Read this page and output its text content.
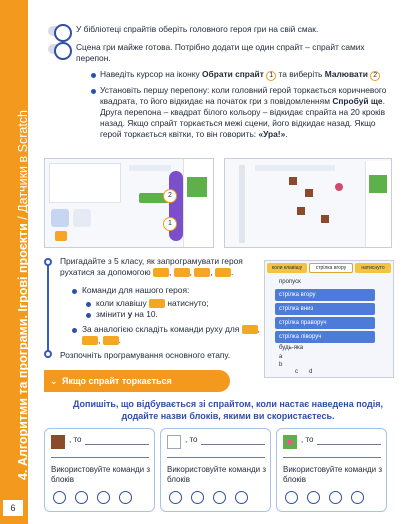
4. Алгоритми та програми. Ігрові проєкти / Датчики в Scratch
6
У бібліотеці спрайтів оберіть головного героя гри на свій смак.
Сцена гри майже готова. Потрібно додати ще один спрайт – спрайт самих перепон.
Наведіть курсор на іконку Обрати спрайт 1 та виберіть Малювати 2
Установіть першу перепону: коли головний герой торкається коричневого квадрата, то його відкидає на початок гри з повідомленням Спробуй ще. Друга перепона – квадрат білого кольору – відкидає спрайта на 20 кроків назад. Якщо спрайт торкається межі сцени, його відкидає назад. Якщо герой торкається квітки, то він говорить: «Ура!».
2
1
Пригадайте з 5 класу, як запрограмувати героя рухатися за допомогою , , , .
Команди для нашого героя:
коли клавішу натиснуто;
змінити y на 10.
За аналогією складіть команди руху для , , .
Розпочніть програмування основного етапу.
коли клавішу	стрілка вгору	натиснуто
пропуск
стрілка вгору
стрілка вниз
стрілка праворуч
стрілка ліворуч
будь-яка
a
b
c d
⌄ Якщо спрайт торкається
Допишіть, що відбувається зі спрайтом, коли настає наведена подія, додайте назви блоків, якими ви скористаєтесь.
, то
Використовуйте команди з блоків
, то
Використовуйте команди з блоків
, то
Використовуйте команди з блоків
